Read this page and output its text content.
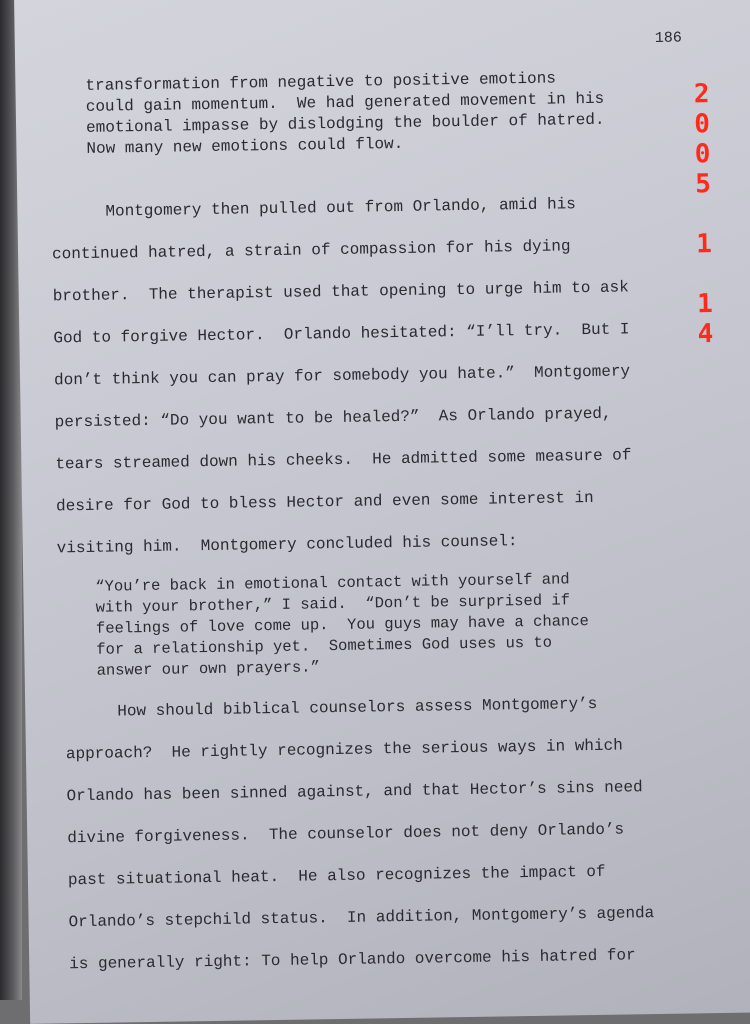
186
2005 1 14
transformation from negative to positive emotions
could gain momentum.  We had generated movement in his
emotional impasse by dislodging the boulder of hatred.
Now many new emotions could flow.
Montgomery then pulled out from Orlando, amid his
continued hatred, a strain of compassion for his dying
brother.  The therapist used that opening to urge him to ask
God to forgive Hector.  Orlando hesitated: “I’ll try.  But I
don’t think you can pray for somebody you hate.”  Montgomery
persisted: “Do you want to be healed?”  As Orlando prayed,
tears streamed down his cheeks.  He admitted some measure of
desire for God to bless Hector and even some interest in
visiting him.  Montgomery concluded his counsel:
“You’re back in emotional contact with yourself and
with your brother,” I said.  “Don’t be surprised if
feelings of love come up.  You guys may have a chance
for a relationship yet.  Sometimes God uses us to
answer our own prayers.”
How should biblical counselors assess Montgomery’s
approach?  He rightly recognizes the serious ways in which
Orlando has been sinned against, and that Hector’s sins need
divine forgiveness.  The counselor does not deny Orlando’s
past situational heat.  He also recognizes the impact of
Orlando’s stepchild status.  In addition, Montgomery’s agenda
is generally right: To help Orlando overcome his hatred for
